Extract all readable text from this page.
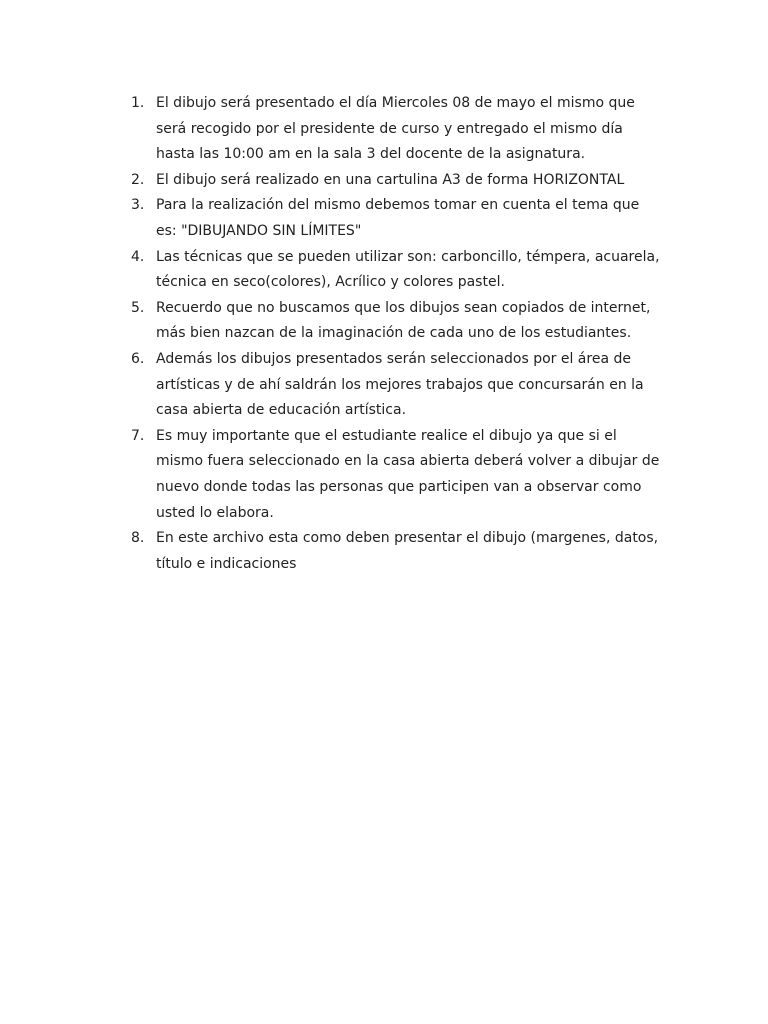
1. El dibujo será presentado el día Miercoles 08 de mayo el mismo que será recogido por el presidente de curso y entregado el mismo día hasta las 10:00 am en la sala 3 del docente de la asignatura.
2. El dibujo será realizado en una cartulina A3 de forma HORIZONTAL
3. Para la realización del mismo debemos tomar en cuenta el tema que es: "DIBUJANDO SIN LÍMITES"
4. Las técnicas que se pueden utilizar son: carboncillo, témpera, acuarela, técnica en seco(colores), Acrílico y colores pastel.
5. Recuerdo que no buscamos que los dibujos sean copiados de internet, más bien nazcan de la imaginación de cada uno de los estudiantes.
6. Además los dibujos presentados serán seleccionados por el área de artísticas y de ahí saldrán los mejores trabajos que concursarán en la casa abierta de educación artística.
7. Es muy importante que el estudiante realice el dibujo ya que si el mismo fuera seleccionado en la casa abierta deberá volver a dibujar de nuevo donde todas las personas que participen van a observar como usted lo elabora.
8. En este archivo esta como deben presentar el dibujo (margenes, datos, título e indicaciones
